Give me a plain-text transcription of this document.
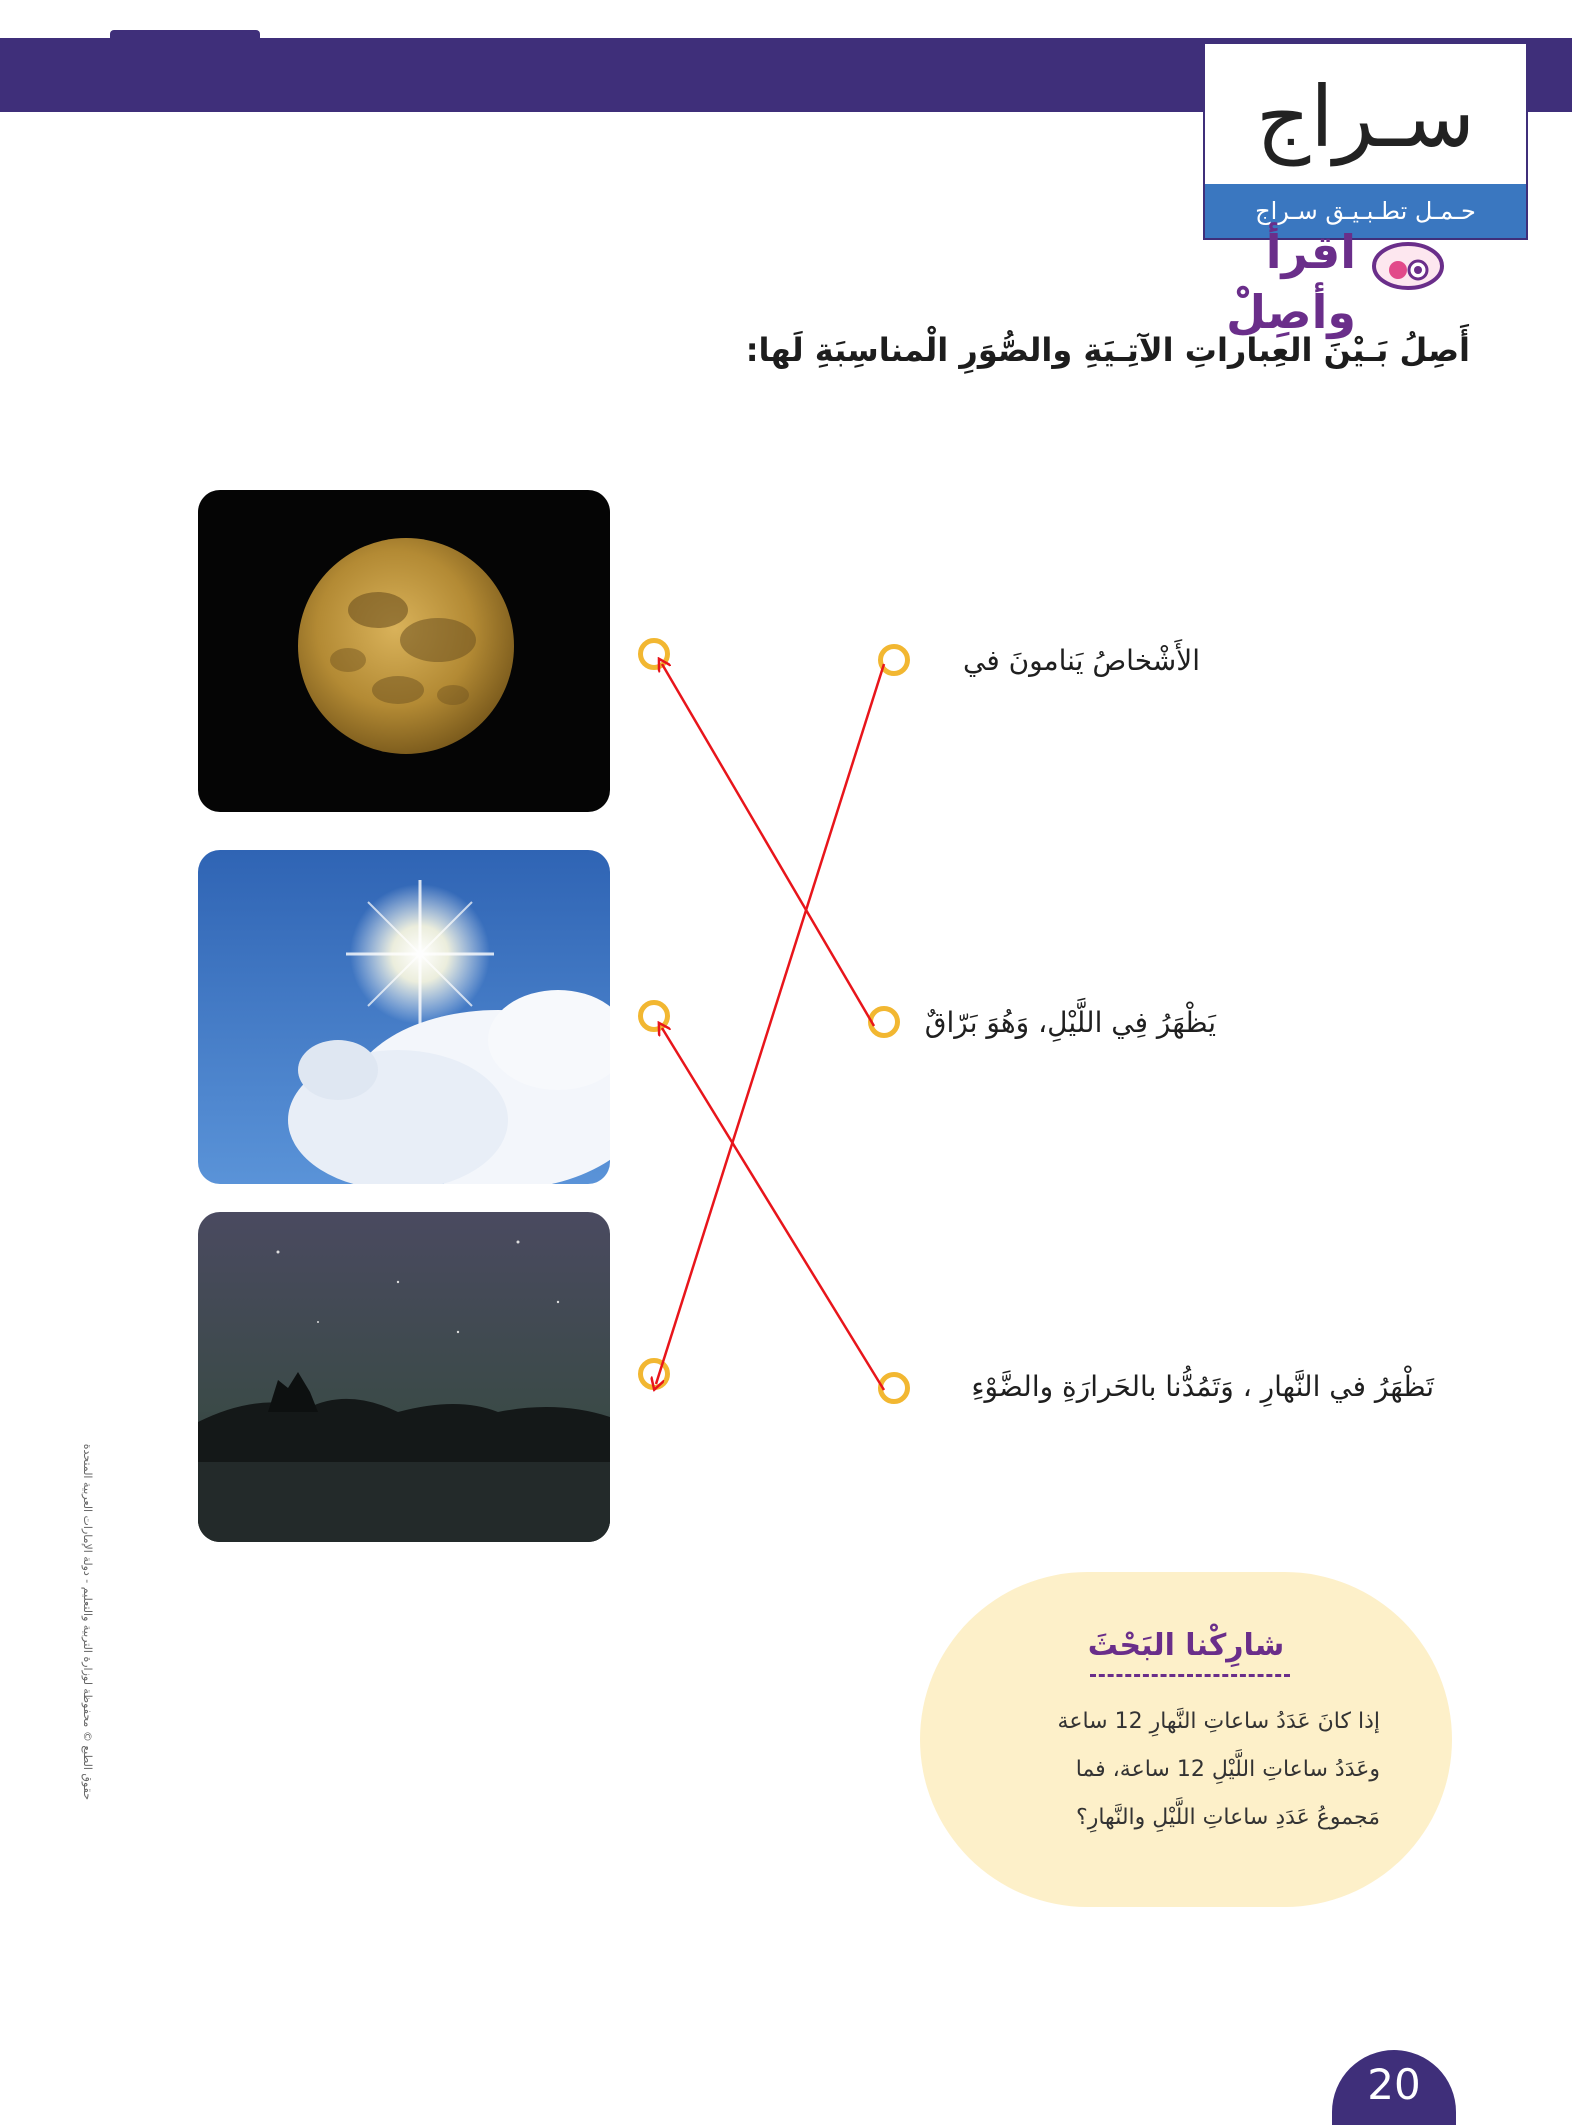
سـراج
حـمـل تطـبـيـق سـراج
اقرأ وأصِلْ
أَصِلُ بَـيْنَ العِباراتِ الآتِـيَةِ والصُّوَرِ الْمناسِبَةِ لَها:
الأَشْخاصُ يَنامونَ في
يَظْهَرُ فِي اللَّيْلِ، وَهُوَ بَرّاقٌ
تَظْهَرُ في النَّهارِ ، وَتَمُدُّنا بالحَرارَةِ والضَّوْءِ
شارِكْنا البَحْثَ
إذا كانَ عَدَدُ ساعاتِ النَّهارِ 12 ساعة
وعَدَدُ ساعاتِ اللَّيْلِ 12 ساعة، فما
مَجموعُ عَدَدِ ساعاتِ اللَّيْلِ والنَّهارِ؟
حقوق الطبع © محفوظة لوزارة التربية والتعليم - دولة الإمارات العربية المتحدة
20
